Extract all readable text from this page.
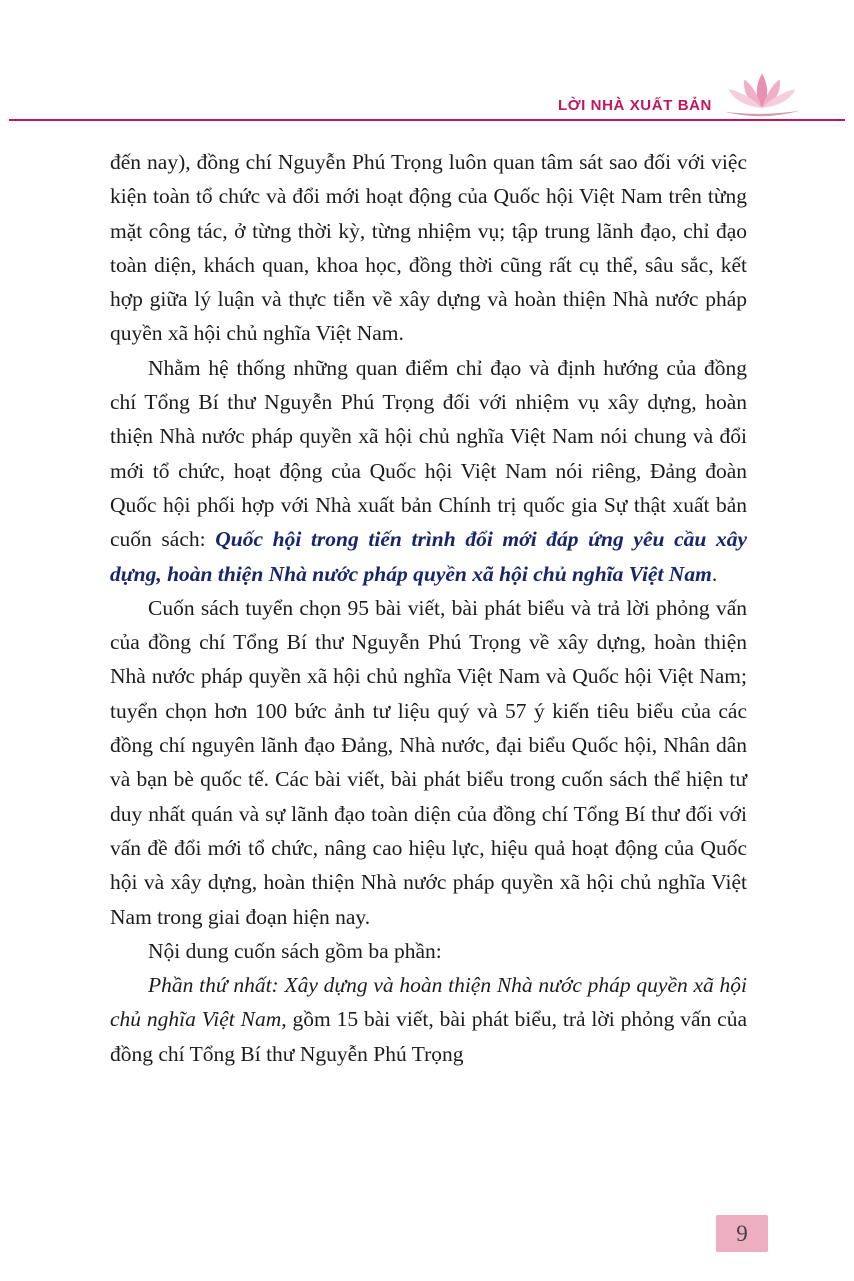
LỜI NHÀ XUẤT BẢN

đến nay), đồng chí Nguyễn Phú Trọng luôn quan tâm sát sao đối với việc kiện toàn tổ chức và đổi mới hoạt động của Quốc hội Việt Nam trên từng mặt công tác, ở từng thời kỳ, từng nhiệm vụ; tập trung lãnh đạo, chỉ đạo toàn diện, khách quan, khoa học, đồng thời cũng rất cụ thể, sâu sắc, kết hợp giữa lý luận và thực tiễn về xây dựng và hoàn thiện Nhà nước pháp quyền xã hội chủ nghĩa Việt Nam.

Nhằm hệ thống những quan điểm chỉ đạo và định hướng của đồng chí Tổng Bí thư Nguyễn Phú Trọng đối với nhiệm vụ xây dựng, hoàn thiện Nhà nước pháp quyền xã hội chủ nghĩa Việt Nam nói chung và đổi mới tổ chức, hoạt động của Quốc hội Việt Nam nói riêng, Đảng đoàn Quốc hội phối hợp với Nhà xuất bản Chính trị quốc gia Sự thật xuất bản cuốn sách: Quốc hội trong tiến trình đổi mới đáp ứng yêu cầu xây dựng, hoàn thiện Nhà nước pháp quyền xã hội chủ nghĩa Việt Nam.

Cuốn sách tuyển chọn 95 bài viết, bài phát biểu và trả lời phỏng vấn của đồng chí Tổng Bí thư Nguyễn Phú Trọng về xây dựng, hoàn thiện Nhà nước pháp quyền xã hội chủ nghĩa Việt Nam và Quốc hội Việt Nam; tuyển chọn hơn 100 bức ảnh tư liệu quý và 57 ý kiến tiêu biểu của các đồng chí nguyên lãnh đạo Đảng, Nhà nước, đại biểu Quốc hội, Nhân dân và bạn bè quốc tế. Các bài viết, bài phát biểu trong cuốn sách thể hiện tư duy nhất quán và sự lãnh đạo toàn diện của đồng chí Tổng Bí thư đối với vấn đề đổi mới tổ chức, nâng cao hiệu lực, hiệu quả hoạt động của Quốc hội và xây dựng, hoàn thiện Nhà nước pháp quyền xã hội chủ nghĩa Việt Nam trong giai đoạn hiện nay.

Nội dung cuốn sách gồm ba phần:

Phần thứ nhất: Xây dựng và hoàn thiện Nhà nước pháp quyền xã hội chủ nghĩa Việt Nam, gồm 15 bài viết, bài phát biểu, trả lời phỏng vấn của đồng chí Tổng Bí thư Nguyễn Phú Trọng

9
